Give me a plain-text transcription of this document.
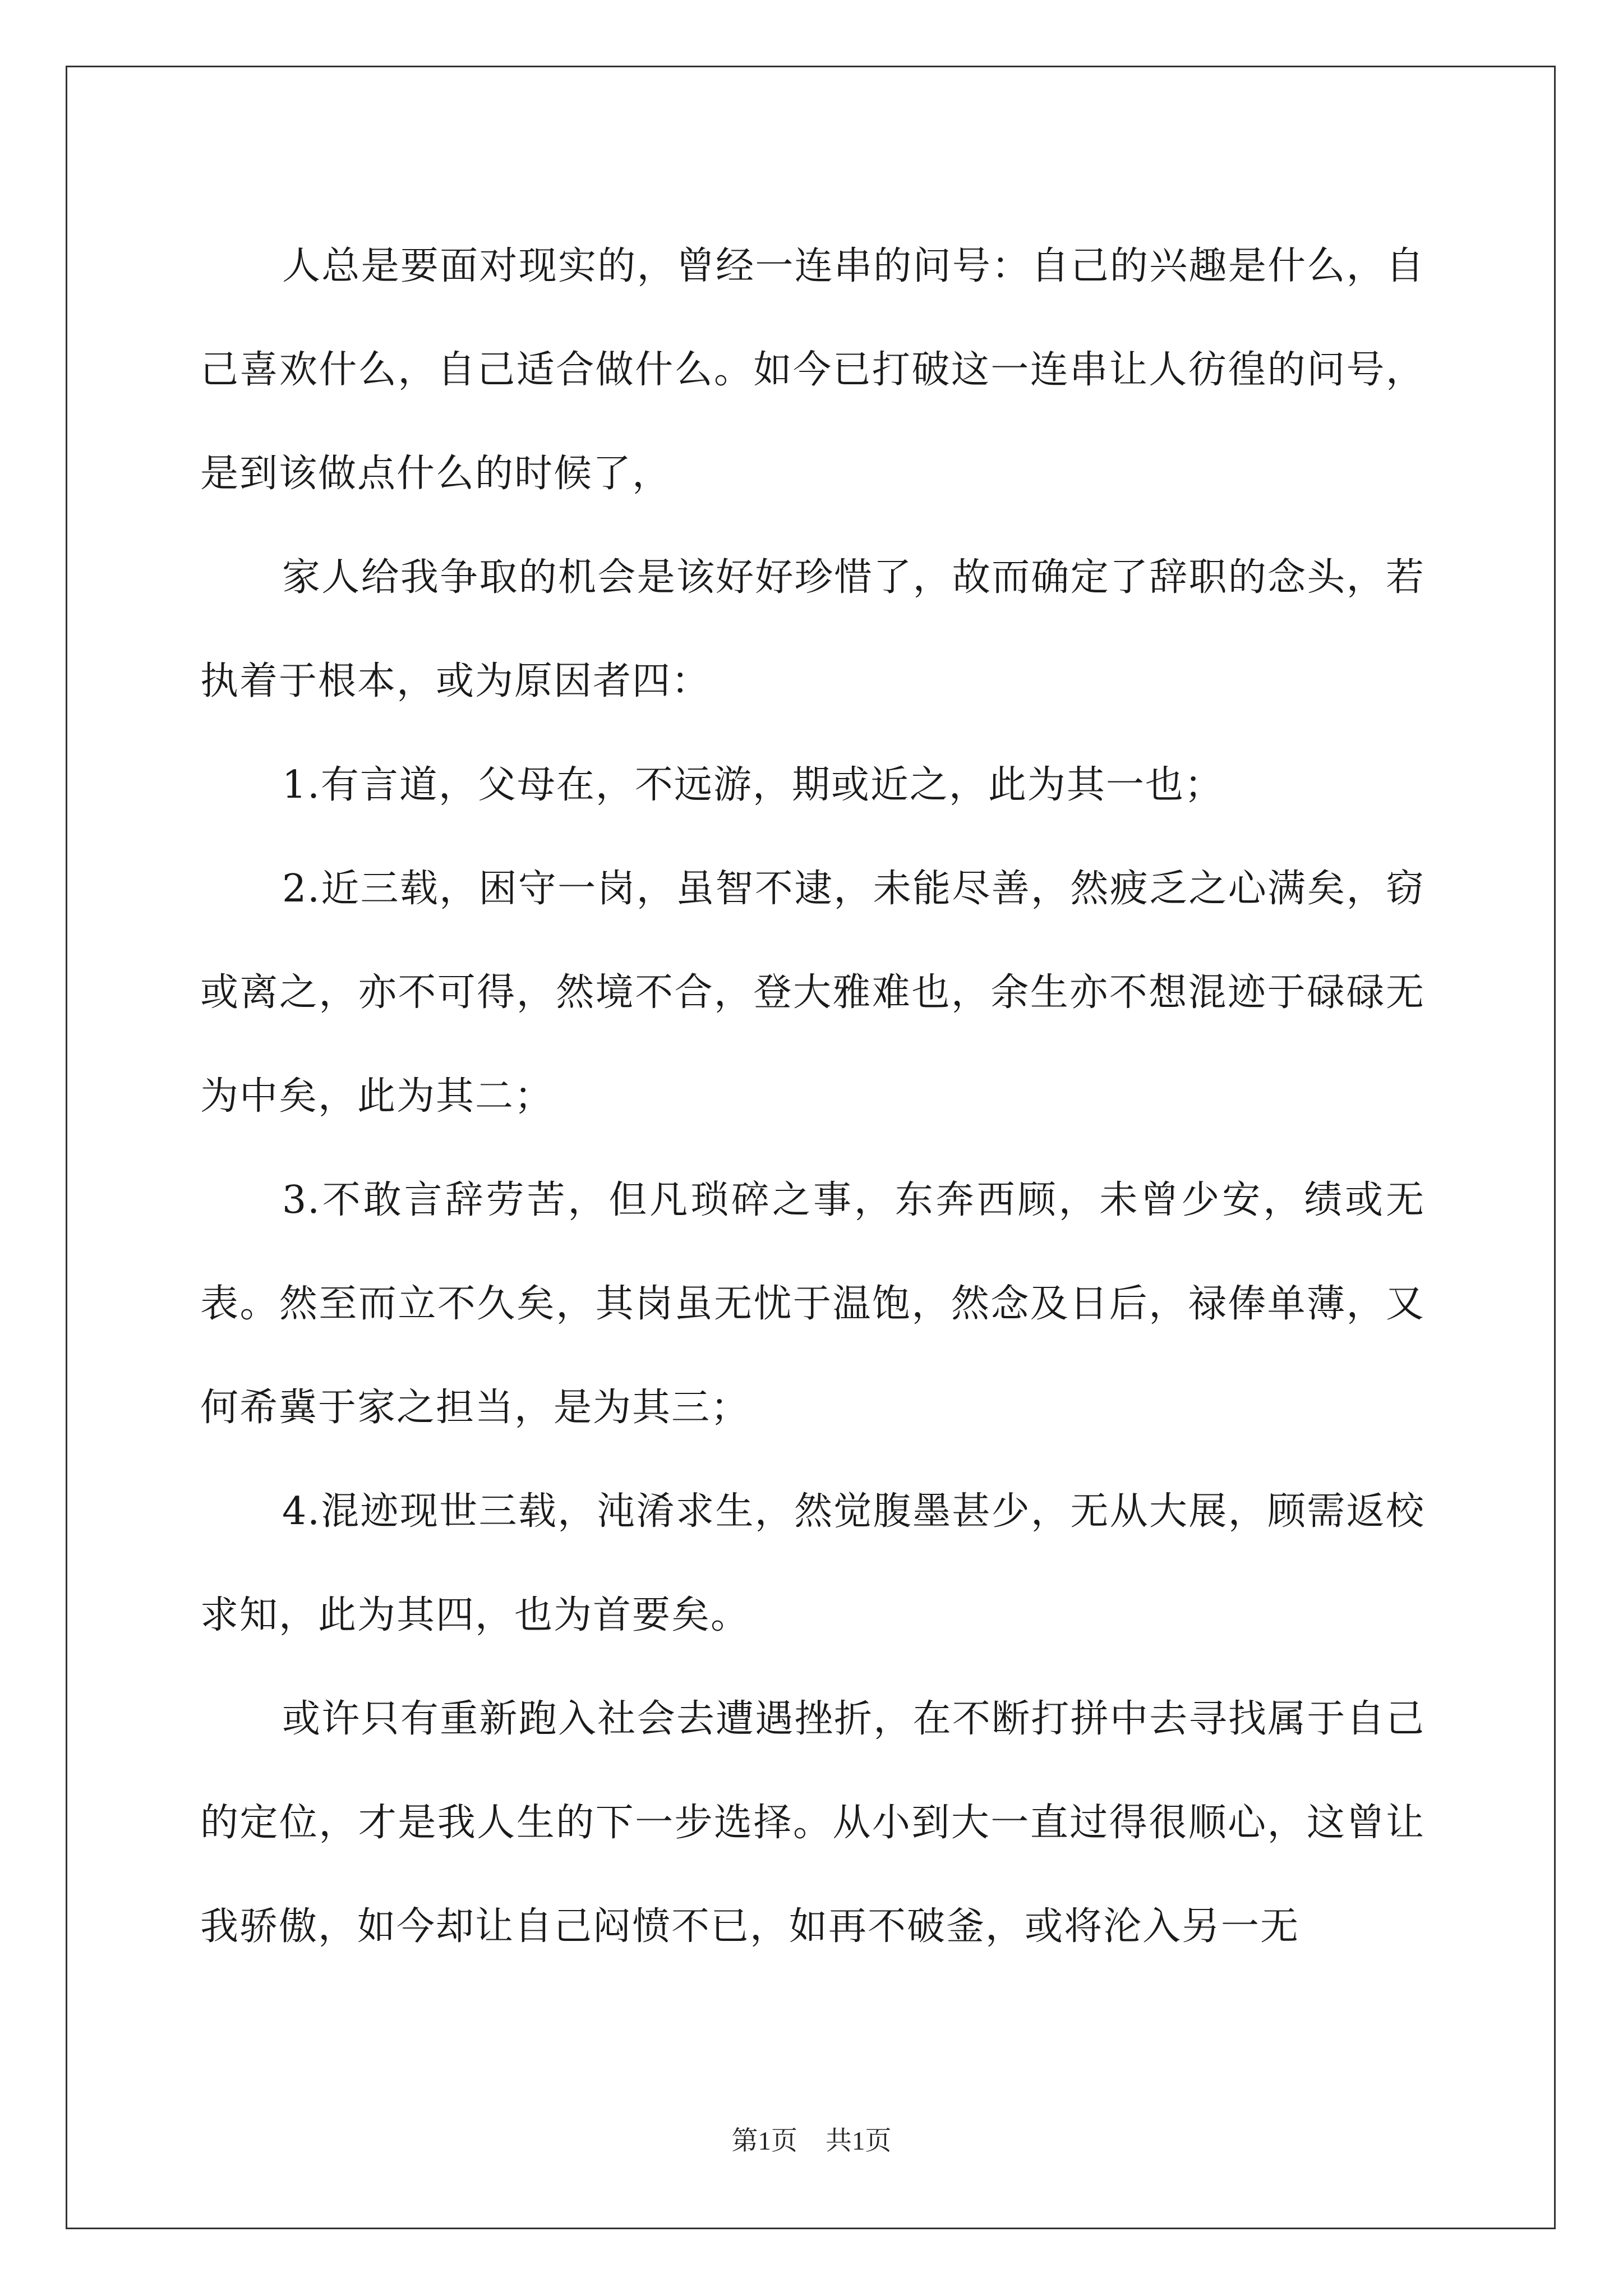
人总是要面对现实的，曾经一连串的问号：自己的兴趣是什么，自己喜欢什么，自己适合做什么。如今已打破这一连串让人彷徨的问号，是到该做点什么的时候了，

家人给我争取的机会是该好好珍惜了，故而确定了辞职的念头，若执着于根本，或为原因者四：

1.有言道，父母在，不远游，期或近之，此为其一也；

2.近三载，困守一岗，虽智不逮，未能尽善，然疲乏之心满矣，窃或离之，亦不可得，然境不合，登大雅难也，余生亦不想混迹于碌碌无为中矣，此为其二；

3.不敢言辞劳苦，但凡琐碎之事，东奔西顾，未曾少安，绩或无表。然至而立不久矣，其岗虽无忧于温饱，然念及日后，禄俸单薄，又何希冀于家之担当，是为其三；

4.混迹现世三载，沌淆求生，然觉腹墨甚少，无从大展，顾需返校求知，此为其四，也为首要矣。

或许只有重新跑入社会去遭遇挫折，在不断打拼中去寻找属于自己的定位，才是我人生的下一步选择。从小到大一直过得很顺心，这曾让我骄傲，如今却让自己闷愤不已，如再不破釜，或将沦入另一无

第1页 共1页
